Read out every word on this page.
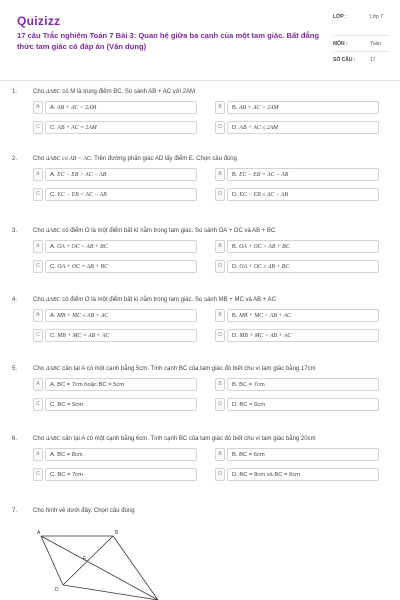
Quizizz
17 câu Trắc nghiệm Toán 7 Bài 3: Quan hệ giữa ba cạnh của một tam giác. Bất đẳng thức tam giác có đáp án (Vận dụng)
LỚP :	Lớp 7
MÔN :	Toán
SỐ CÂU :	17
1.	Cho ΔABC có M là trung điểm BC. So sánh AB + AC với 2AM
A	A. AB + AC < 2AM	B	B. AB + AC > 2AM
C	C. AB + AC = 2AM	D	D. AB + AC ≤ 2AM
2.	Cho ΔABC có AB < AC. Trên đường phân giác AD lấy điểm E. Chọn câu đúng
A	A. EC − EB > AC − AB	B	B. EC − EB = AC − AB
C	C. EC − EB < AC − AB	D	D. EC − EB ≤ AC − AB
3.	Cho ΔABC có điểm O là một điểm bất kì nằm trong tam giác. So sánh OA + OC và AB + BC
A	A. OA + OC < AB + BC	B	B. OA + OC > AB + BC
C	C. OA + OC = AB + BC	D	D. OA + OC ≥ AB + BC
4.	Cho ΔABC có điểm O là một điểm bất kì nằm trong tam giác. So sánh MB + MC và AB + AC
A	A. MB + MC ≤ AB + AC	B	B. MB + MC < AB + AC
C	C. MB + MC = AB + AC	D	D. MB + MC > AB + AC
5.	Cho ΔABC cân tại A có một cạnh bằng 5cm. Tính cạnh BC của tam giác đó biết chu vi tam giác bằng 17cm
A	A. BC = 7cm hoặc BC = 5cm	B	B. BC = 7cm
C	C. BC = 5cm	D	D. BC = 6cm
6.	Cho ΔABC cân tại A có một cạnh bằng 6cm. Tính cạnh BC của tam giác đó biết chu vi tam giác bằng 20cm
A	A. BC = 8cm	B	B. BC = 6cm
C	C. BC = 7cm	D	D. BC = 8cm và BC = 6cm
7.	Cho hình vẽ dưới đây. Chọn câu đúng
A	B
E
D
